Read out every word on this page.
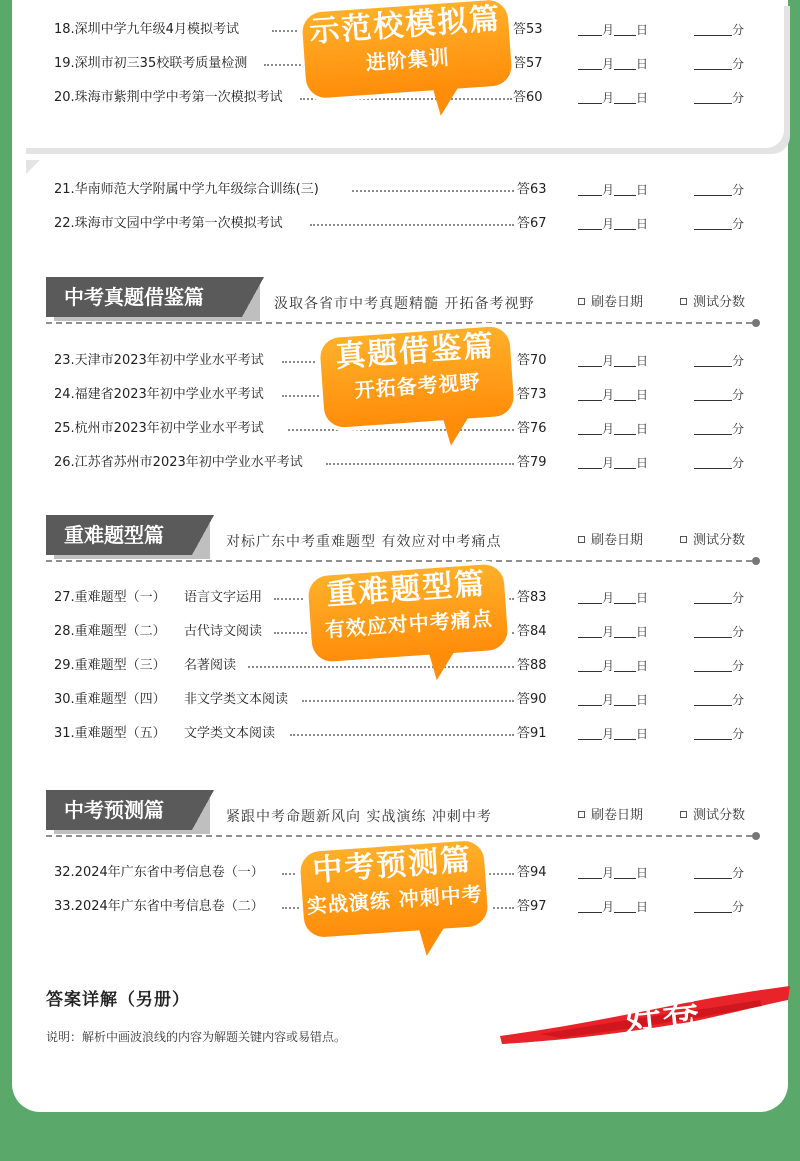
18.深圳中学九年级4月模拟考试	答53	月 日	分
19.深圳市初三35校联考质量检测	答57	月 日	分
20.珠海市紫荆中学中考第一次模拟考试	答60	月 日	分
21.华南师范大学附属中学九年级综合训练(三)	答63	月 日	分
22.珠海市文园中学中考第一次模拟考试	答67	月 日	分
中考真题借鉴篇	汲取各省市中考真题精髓 开拓备考视野	刷卷日期	测试分数
23.天津市2023年初中学业水平考试	答70	月 日	分
24.福建省2023年初中学业水平考试	答73	月 日	分
25.杭州市2023年初中学业水平考试	答76	月 日	分
26.江苏省苏州市2023年初中学业水平考试	答79	月 日	分
重难题型篇	对标广东中考重难题型 有效应对中考痛点	刷卷日期	测试分数
27.重难题型（一） 语言文字运用	答83	月 日	分
28.重难题型（二） 古代诗文阅读	答84	月 日	分
29.重难题型（三） 名著阅读	答88	月 日	分
30.重难题型（四） 非文学类文本阅读	答90	月 日	分
31.重难题型（五） 文学类文本阅读	答91	月 日	分
中考预测篇	紧跟中考命题新风向 实战演练 冲刺中考	刷卷日期	测试分数
32.2024年广东省中考信息卷（一）	答94	月 日	分
33.2024年广东省中考信息卷（二）	答97	月 日	分
示范校模拟篇
进阶集训
真题借鉴篇
开拓备考视野
重难题型篇
有效应对中考痛点
中考预测篇
实战演练 冲刺中考
答案详解（另册）
说明：解析中画波浪线的内容为解题关键内容或易错点。	好卷
